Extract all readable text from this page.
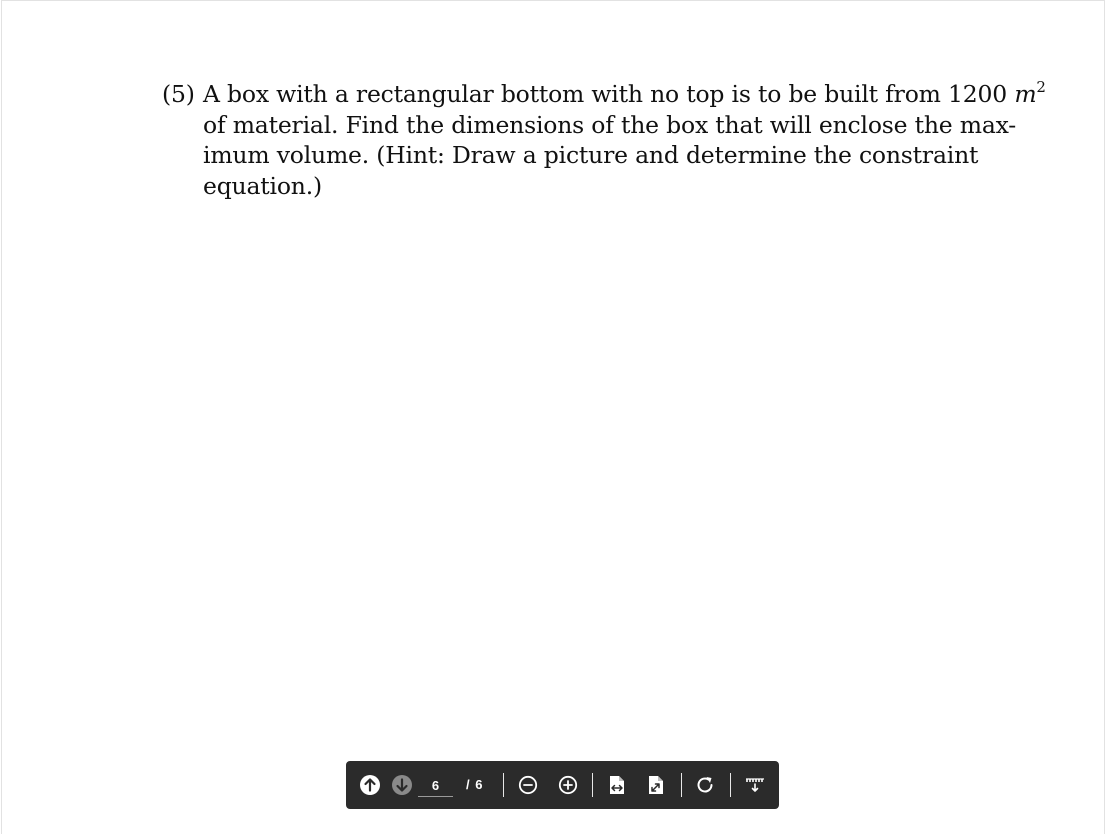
(5) A box with a rectangular bottom with no top is to be built from 1200 $m^2$
of material. Find the dimensions of the box that will enclose the max-
imum volume. (Hint: Draw a picture and determine the constraint
equation.)
6
/ 6
